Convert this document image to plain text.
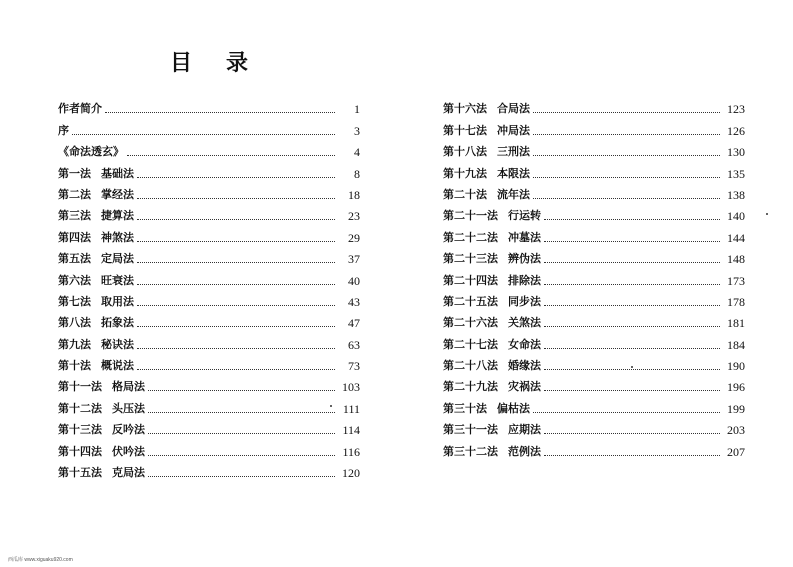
目 录
作者简介	1
序	3
《命法透玄》	4
第一法 基础法	8
第二法 掌经法	18
第三法 捷算法	23
第四法 神煞法	29
第五法 定局法	37
第六法 旺衰法	40
第七法 取用法	43
第八法 拓象法	47
第九法 秘诀法	63
第十法 概说法	73
第十一法 格局法	103
第十二法 头压法	111
第十三法 反吟法	114
第十四法 伏吟法	116
第十五法 克局法	120
第十六法 合局法	123
第十七法 冲局法	126
第十八法 三刑法	130
第十九法 本限法	135
第二十法 流年法	138
第二十一法 行运转	140
第二十二法 冲墓法	144
第二十三法 辨伪法	148
第二十四法 排除法	173
第二十五法 同步法	178
第二十六法 关煞法	181
第二十七法 女命法	184
第二十八法 婚缘法	190
第二十九法 灾祸法	196
第三十法 偏枯法	199
第三十一法 应期法	203
第三十二法 范例法	207
西瓜库 www.xiguaku920.com
